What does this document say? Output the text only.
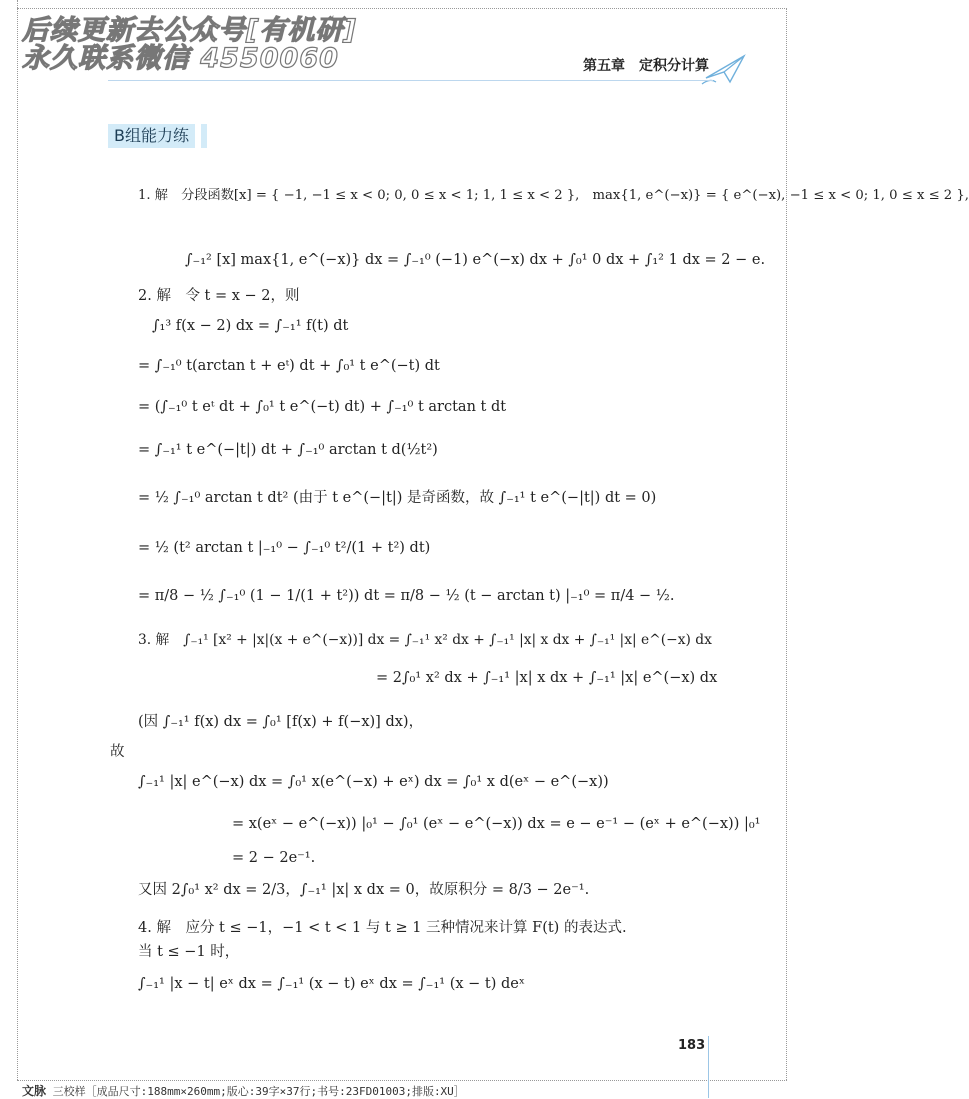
后续更新去公众号[有机研]
永久联系微信 4550060	第五章　定积分计算
B组能力练
1. 解　分段函数[x] = { −1, −1 ≤ x < 0; 0, 0 ≤ x < 1; 1, 1 ≤ x < 2 },　max{1, e^(−x)} = { e^(−x), −1 ≤ x < 0; 1, 0 ≤ x ≤ 2 },
∫₋₁² [x] max{1, e^(−x)} dx = ∫₋₁⁰ (−1) e^(−x) dx + ∫₀¹ 0 dx + ∫₁² 1 dx = 2 − e.
2. 解　令 t = x − 2，则
∫₁³ f(x − 2) dx = ∫₋₁¹ f(t) dt
= ∫₋₁⁰ t(arctan t + eᵗ) dt + ∫₀¹ t e^(−t) dt
= (∫₋₁⁰ t eᵗ dt + ∫₀¹ t e^(−t) dt) + ∫₋₁⁰ t arctan t dt
= ∫₋₁¹ t e^(−|t|) dt + ∫₋₁⁰ arctan t d(½t²)
= ½ ∫₋₁⁰ arctan t dt² (由于 t e^(−|t|) 是奇函数，故 ∫₋₁¹ t e^(−|t|) dt = 0)
= ½ (t² arctan t |₋₁⁰ − ∫₋₁⁰ t²/(1 + t²) dt)
= π/8 − ½ ∫₋₁⁰ (1 − 1/(1 + t²)) dt = π/8 − ½ (t − arctan t) |₋₁⁰ = π/4 − ½.
3. 解　∫₋₁¹ [x² + |x|(x + e^(−x))] dx = ∫₋₁¹ x² dx + ∫₋₁¹ |x| x dx + ∫₋₁¹ |x| e^(−x) dx
= 2∫₀¹ x² dx + ∫₋₁¹ |x| x dx + ∫₋₁¹ |x| e^(−x) dx
(因 ∫₋₁¹ f(x) dx = ∫₀¹ [f(x) + f(−x)] dx)，
故
∫₋₁¹ |x| e^(−x) dx = ∫₀¹ x(e^(−x) + eˣ) dx = ∫₀¹ x d(eˣ − e^(−x))
= x(eˣ − e^(−x)) |₀¹ − ∫₀¹ (eˣ − e^(−x)) dx = e − e⁻¹ − (eˣ + e^(−x)) |₀¹
= 2 − 2e⁻¹.
又因 2∫₀¹ x² dx = 2/3，∫₋₁¹ |x| x dx = 0，故原积分 = 8/3 − 2e⁻¹.
4. 解　应分 t ≤ −1，−1 < t < 1 与 t ≥ 1 三种情况来计算 F(t) 的表达式.
当 t ≤ −1 时，
∫₋₁¹ |x − t| eˣ dx = ∫₋₁¹ (x − t) eˣ dx = ∫₋₁¹ (x − t) deˣ
183
文脉 三校样［成品尺寸:188mm×260mm;版心:39字×37行;书号:23FD01003;排版:XU］
